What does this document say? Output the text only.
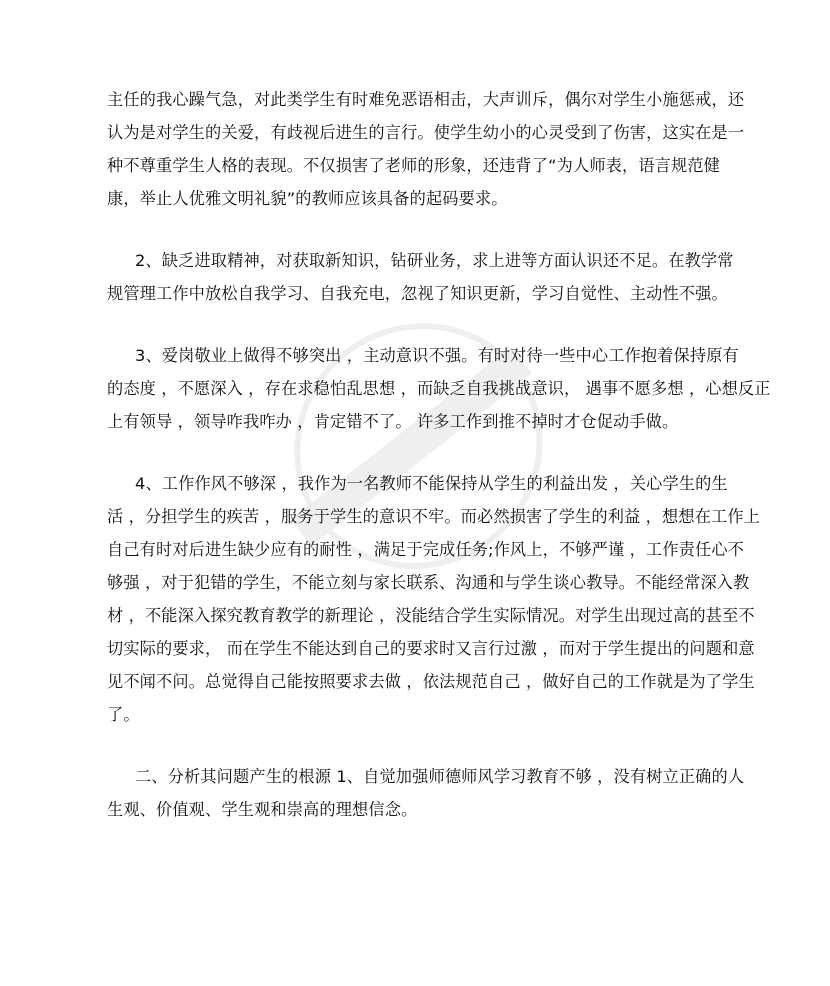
主任的我心躁气急，对此类学生有时难免恶语相击，大声训斥，偶尔对学生小施惩戒，还

认为是对学生的关爱，有歧视后进生的言行。使学生幼小的心灵受到了伤害，这实在是一

种不尊重学生人格的表现。不仅损害了老师的形象，还违背了“为人师表，语言规范健

康，举止人优雅文明礼貌”的教师应该具备的起码要求。

2、缺乏进取精神，对获取新知识，钻研业务，求上进等方面认识还不足。在教学常

规管理工作中放松自我学习、自我充电，忽视了知识更新，学习自觉性、主动性不强。

3、爱岗敬业上做得不够突出 ，主动意识不强。有时对待一些中心工作抱着保持原有

的态度 ，不愿深入 ，存在求稳怕乱思想 ，而缺乏自我挑战意识， 遇事不愿多想 ，心想反正

上有领导 ，领导咋我咋办 ，肯定错不了。 许多工作到推不掉时才仓促动手做。

4、工作作风不够深 ，我作为一名教师不能保持从学生的利益出发 ，关心学生的生

活 ，分担学生的疾苦 ，服务于学生的意识不牢。而必然损害了学生的利益 ，想想在工作上

自己有时对后进生缺少应有的耐性 ，满足于完成任务;作风上，不够严谨 ，工作责任心不

够强 ，对于犯错的学生，不能立刻与家长联系、沟通和与学生谈心教导。不能经常深入教

材 ，不能深入探究教育教学的新理论 ，没能结合学生实际情况。对学生出现过高的甚至不

切实际的要求， 而在学生不能达到自己的要求时又言行过激 ，而对于学生提出的问题和意

见不闻不问。总觉得自己能按照要求去做 ，依法规范自己 ，做好自己的工作就是为了学生

了。

二、分析其问题产生的根源 1、自觉加强师德师风学习教育不够 ，没有树立正确的人

生观、价值观、学生观和崇高的理想信念。
